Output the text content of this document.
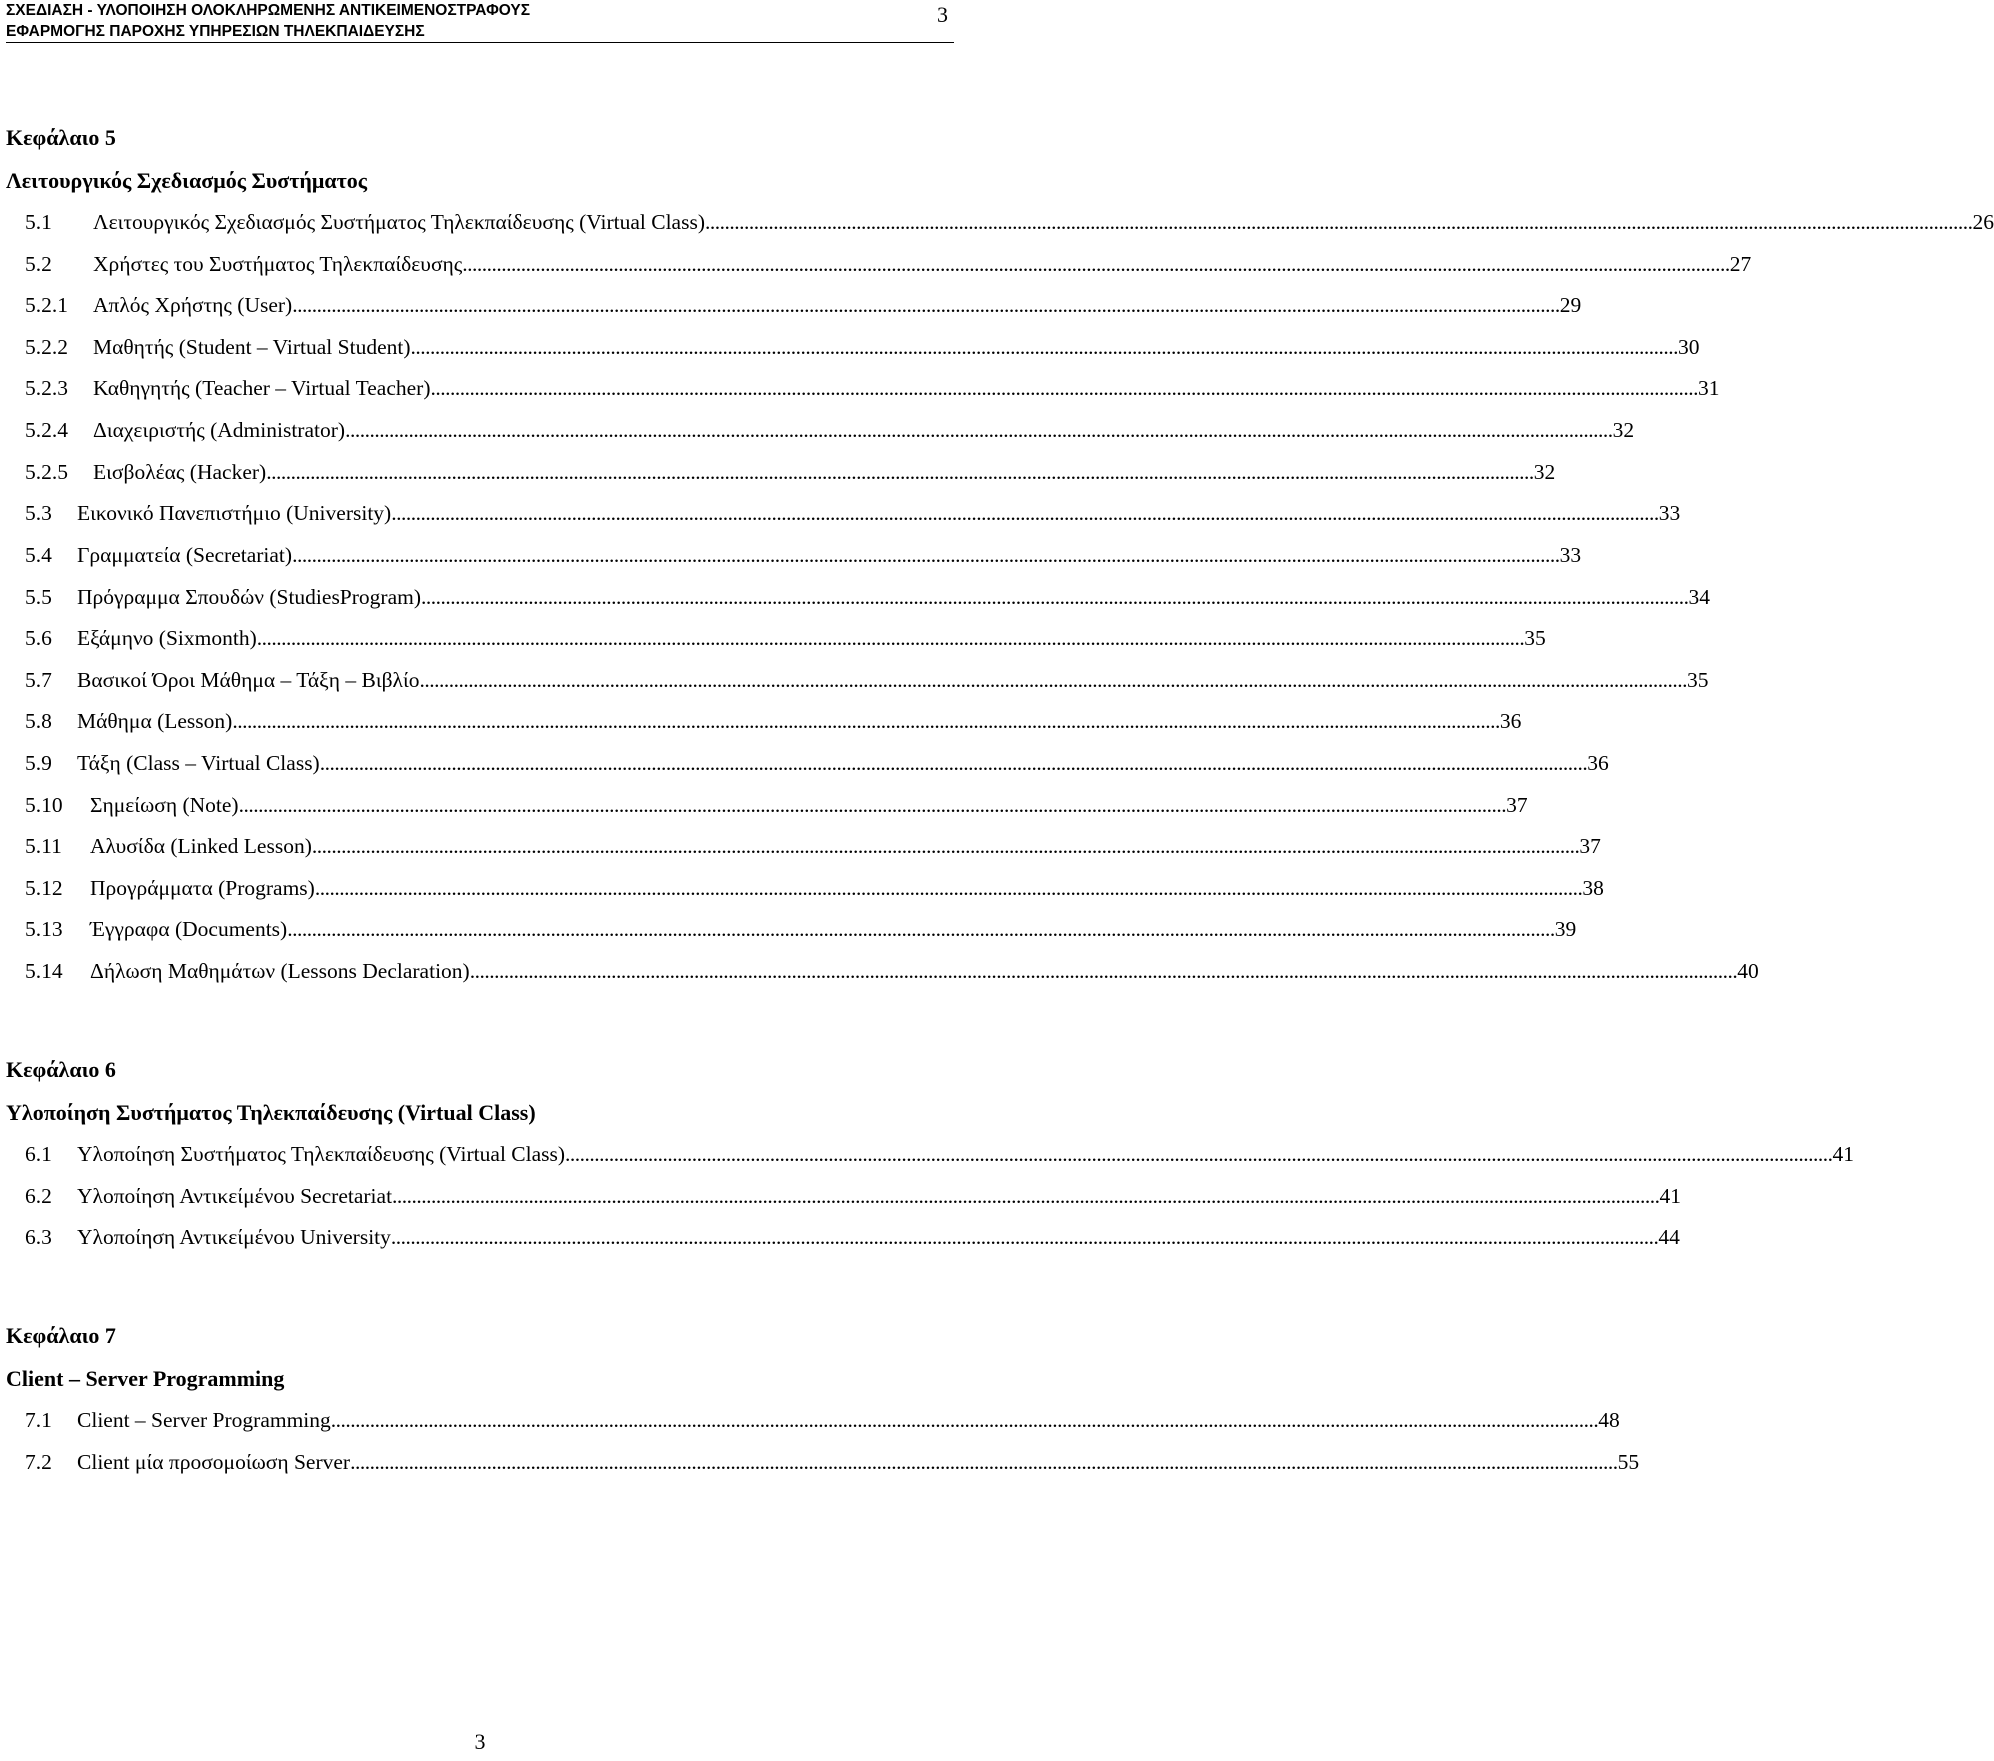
ΣΧΕΔΙΑΣΗ - ΥΛΟΠΟΙΗΣΗ ΟΛΟΚΛΗΡΩΜΕΝΗΣ ΑΝΤΙΚΕΙΜΕΝΟΣΤΡΑΦΟΥΣ
ΕΦΑΡΜΟΓΗΣ ΠΑΡΟΧΗΣ ΥΠΗΡΕΣΙΩΝ ΤΗΛΕΚΠΑΙΔΕΥΣΗΣ
3
Κεφάλαιο 5
Λειτουργικός Σχεδιασμός Συστήματος
5.1	Λειτουργικός Σχεδιασμός Συστήματος Τηλεκπαίδευσης (Virtual Class) .................................................................................................................................................................................................................................................................... 26
5.2	Χρήστες του Συστήματος Τηλεκπαίδευσης .................................................................................................................................................................................................................................................................... 27
5.2.1	Απλός Χρήστης (User) .................................................................................................................................................................................................................................................................... 29
5.2.2	Μαθητής (Student – Virtual Student) .................................................................................................................................................................................................................................................................... 30
5.2.3	Καθηγητής (Teacher – Virtual Teacher) .................................................................................................................................................................................................................................................................... 31
5.2.4	Διαχειριστής (Administrator) .................................................................................................................................................................................................................................................................... 32
5.2.5	Εισβολέας (Hacker) .................................................................................................................................................................................................................................................................... 32
5.3	Εικονικό Πανεπιστήμιο (University) .................................................................................................................................................................................................................................................................... 33
5.4	Γραμματεία (Secretariat) .................................................................................................................................................................................................................................................................... 33
5.5	Πρόγραμμα Σπουδών (StudiesProgram) .................................................................................................................................................................................................................................................................... 34
5.6	Εξάμηνο (Sixmonth) .................................................................................................................................................................................................................................................................... 35
5.7	Βασικοί Όροι Μάθημα – Τάξη – Βιβλίο .................................................................................................................................................................................................................................................................... 35
5.8	Μάθημα (Lesson) .................................................................................................................................................................................................................................................................... 36
5.9	Τάξη (Class – Virtual Class) .................................................................................................................................................................................................................................................................... 36
5.10	Σημείωση (Note) .................................................................................................................................................................................................................................................................... 37
5.11	Αλυσίδα (Linked Lesson) .................................................................................................................................................................................................................................................................... 37
5.12	Προγράμματα (Programs) .................................................................................................................................................................................................................................................................... 38
5.13	Έγγραφα (Documents) .................................................................................................................................................................................................................................................................... 39
5.14	Δήλωση Μαθημάτων (Lessons Declaration) .................................................................................................................................................................................................................................................................... 40
Κεφάλαιο 6
Υλοποίηση Συστήματος Τηλεκπαίδευσης (Virtual Class)
6.1	Υλοποίηση Συστήματος Τηλεκπαίδευσης (Virtual Class) .................................................................................................................................................................................................................................................................... 41
6.2	Υλοποίηση Αντικείμένου Secretariat .................................................................................................................................................................................................................................................................... 41
6.3	Υλοποίηση Αντικείμένου University .................................................................................................................................................................................................................................................................... 44
Κεφάλαιο 7
Client – Server Programming
7.1	Client – Server Programming .................................................................................................................................................................................................................................................................... 48
7.2	Client μία προσομοίωση Server .................................................................................................................................................................................................................................................................... 55
3
